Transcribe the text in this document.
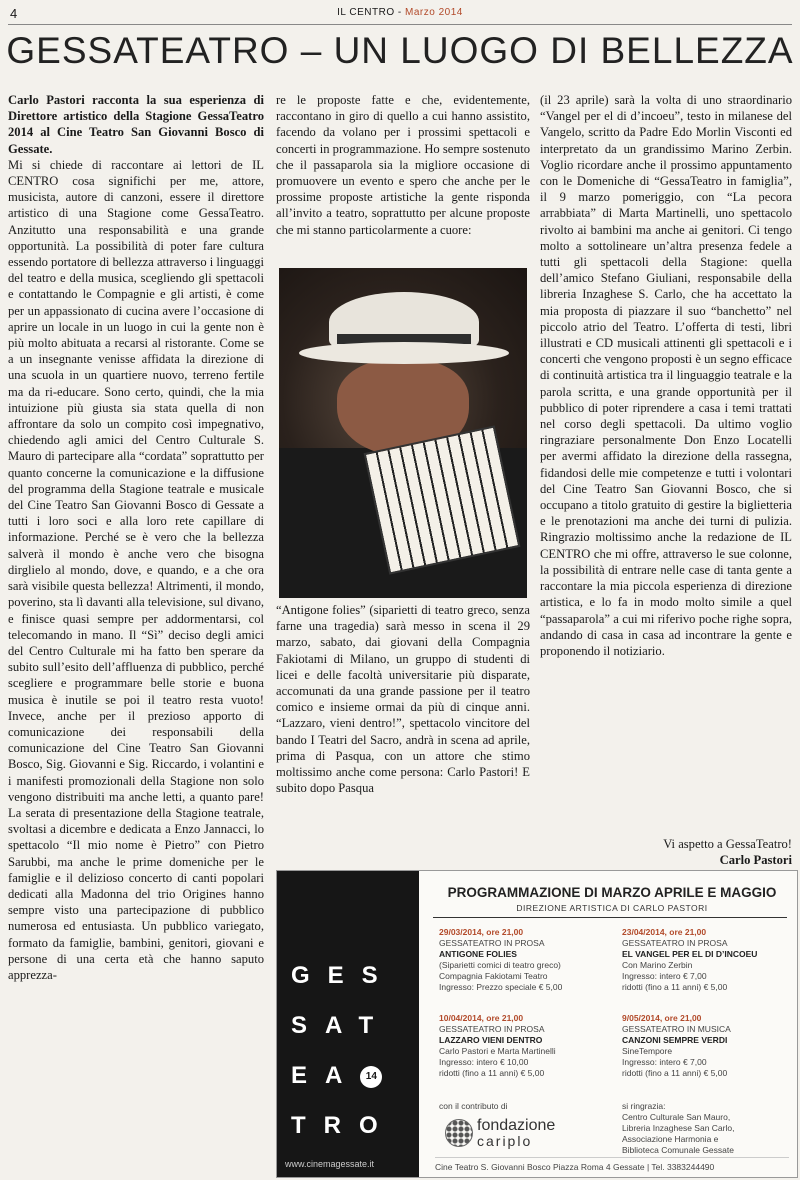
4	IL CENTRO - Marzo 2014
GESSATEATRO – UN LUOGO DI BELLEZZA

Carlo Pastori racconta la sua esperienza di Direttore artistico della Stagione GessaTeatro 2014 al Cine Teatro San Giovanni Bosco di Gessate.

Mi si chiede di raccontare ai lettori de IL CENTRO cosa significhi per me, attore, musicista, autore di canzoni, essere il direttore artistico di una Stagione come GessaTeatro. Anzitutto una responsabilità e una grande opportunità. La possibilità di poter fare cultura essendo portatore di bellezza attraverso i linguaggi del teatro e della musica, scegliendo gli spettacoli e contattando le Compagnie e gli artisti, è come per un appassionato di cucina avere l’occasione di aprire un locale in un luogo in cui la gente non è più molto abituata a recarsi al ristorante. Come se a un insegnante venisse affidata la direzione di una scuola in un quartiere nuovo, terreno fertile ma da ri-educare. Sono certo, quindi, che la mia intuizione più giusta sia stata quella di non affrontare da solo un compito così impegnativo, chiedendo agli amici del Centro Culturale S. Mauro di partecipare alla “cordata” soprattutto per quanto concerne la comunicazione e la diffusione del programma della Stagione teatrale e musicale del Cine Teatro San Giovanni Bosco di Gessate a tutti i loro soci e alla loro rete capillare di informazione. Perché se è vero che la bellezza salverà il mondo è anche vero che bisogna dirglielo al mondo, dove, e quando, e a che ora sarà visibile questa bellezza! Altrimenti, il mondo, poverino, sta lì davanti alla televisione, sul divano, e finisce quasi sempre per addormentarsi, col telecomando in mano. Il “Sì” deciso degli amici del Centro Culturale mi ha fatto ben sperare da subito sull’esito dell’affluenza di pubblico, perché scegliere e programmare belle storie e buona musica è inutile se poi il teatro resta vuoto! Invece, anche per il prezioso apporto di comunicazione dei responsabili della comunicazione del Cine Teatro San Giovanni Bosco, Sig. Giovanni e Sig. Riccardo, i volantini e i manifesti promozionali della Stagione non solo vengono distribuiti ma anche letti, a quanto pare! La serata di presentazione della Stagione teatrale, svoltasi a dicembre e dedicata a Enzo Jannacci, lo spettacolo “Il mio nome è Pietro” con Pietro Sarubbi, ma anche le prime domeniche per le famiglie e il delizioso concerto di canti popolari dedicati alla Madonna del trio Origines hanno sempre visto una partecipazione di pubblico numerosa ed entusiasta. Un pubblico variegato, formato da famiglie, bambini, genitori, giovani e persone di una certa età che hanno saputo apprezza-

re le proposte fatte e che, evidentemente, raccontano in giro di quello a cui hanno assistito, facendo da volano per i prossimi spettacoli e concerti in programmazione. Ho sempre sostenuto che il passaparola sia la migliore occasione di promuovere un evento e spero che anche per le prossime proposte artistiche la gente risponda all’invito a teatro, soprattutto per alcune proposte che mi stanno particolarmente a cuore:

“Antigone folies” (siparietti di teatro greco, senza farne una tragedia) sarà messo in scena il 29 marzo, sabato, dai giovani della Compagnia Fakiotami di Milano, un gruppo di studenti di licei e delle facoltà universitarie più disparate, accomunati da una grande passione per il teatro comico e insieme ormai da più di cinque anni. “Lazzaro, vieni dentro!”, spettacolo vincitore del bando I Teatri del Sacro, andrà in scena ad aprile, prima di Pasqua, con un attore che stimo moltissimo anche come persona: Carlo Pastori! E subito dopo Pasqua

(il 23 aprile) sarà la volta di uno straordinario “Vangel per el di d’incoeu”, testo in milanese del Vangelo, scritto da Padre Edo Morlin Visconti ed interpretato da un grandissimo Marino Zerbin. Voglio ricordare anche il prossimo appuntamento con le Domeniche di “GessaTeatro in famiglia”, il 9 marzo pomeriggio, con “La pecora arrabbiata” di Marta Martinelli, uno spettacolo rivolto ai bambini ma anche ai genitori. Ci tengo molto a sottolineare un’altra presenza fedele a tutti gli spettacoli della Stagione: quella dell’amico Stefano Giuliani, responsabile della libreria Inzaghese S. Carlo, che ha accettato la mia proposta di piazzare il suo “banchetto” nel piccolo atrio del Teatro. L’offerta di testi, libri illustrati e CD musicali attinenti gli spettacoli e i concerti che vengono proposti è un segno efficace di continuità artistica tra il linguaggio teatrale e la parola scritta, e una grande opportunità per il pubblico di poter riprendere a casa i temi trattati nel corso degli spettacoli. Da ultimo voglio ringraziare personalmente Don Enzo Locatelli per avermi affidato la direzione della rassegna, fidandosi delle mie competenze e tutti i volontari del Cine Teatro San Giovanni Bosco, che si occupano a titolo gratuito di gestire la biglietteria e le prenotazioni ma anche dei turni di pulizia. Ringrazio moltissimo anche la redazione de IL CENTRO che mi offre, attraverso le sue colonne, la possibilità di entrare nelle case di tanta gente a raccontare la mia piccola esperienza di direzione artistica, e lo fa in modo molto simile a quel “passaparola” a cui mi riferivo poche righe sopra, andando di casa in casa ad incontrare la gente e proponendo il notiziario.

Vi aspetto a GessaTeatro!
Carlo Pastori
GES
SAT
EA 14
TRO
www.cinemagessate.it
PROGRAMMAZIONE DI MARZO APRILE E MAGGIO
DIREZIONE ARTISTICA DI CARLO PASTORI
29/03/2014, ore 21,00
GESSATEATRO IN PROSA
ANTIGONE FOLIES
(Siparietti comici di teatro greco)
Compagnia Fakiotami Teatro
Ingresso: Prezzo speciale € 5,00
23/04/2014, ore 21,00
GESSATEATRO IN PROSA
EL VANGEL PER EL DI D’INCOEU
Con Marino Zerbin
Ingresso: intero € 7,00
ridotti (fino a 11 anni) € 5,00
10/04/2014, ore 21,00
GESSATEATRO IN PROSA
LAZZARO VIENI DENTRO
Carlo Pastori e Marta Martinelli
Ingresso: intero € 10,00
ridotti (fino a 11 anni) € 5,00
9/05/2014, ore 21,00
GESSATEATRO IN MUSICA
CANZONI SEMPRE VERDI
SineTempore
Ingresso: intero € 7,00
ridotti (fino a 11 anni) € 5,00
con il contributo di
fondazione
cariplo
si ringrazia:
Centro Culturale San Mauro,
Libreria Inzaghese San Carlo,
Associazione Harmonia e
Biblioteca Comunale Gessate
Cine Teatro S. Giovanni Bosco Piazza Roma 4 Gessate | Tel. 3383244490
